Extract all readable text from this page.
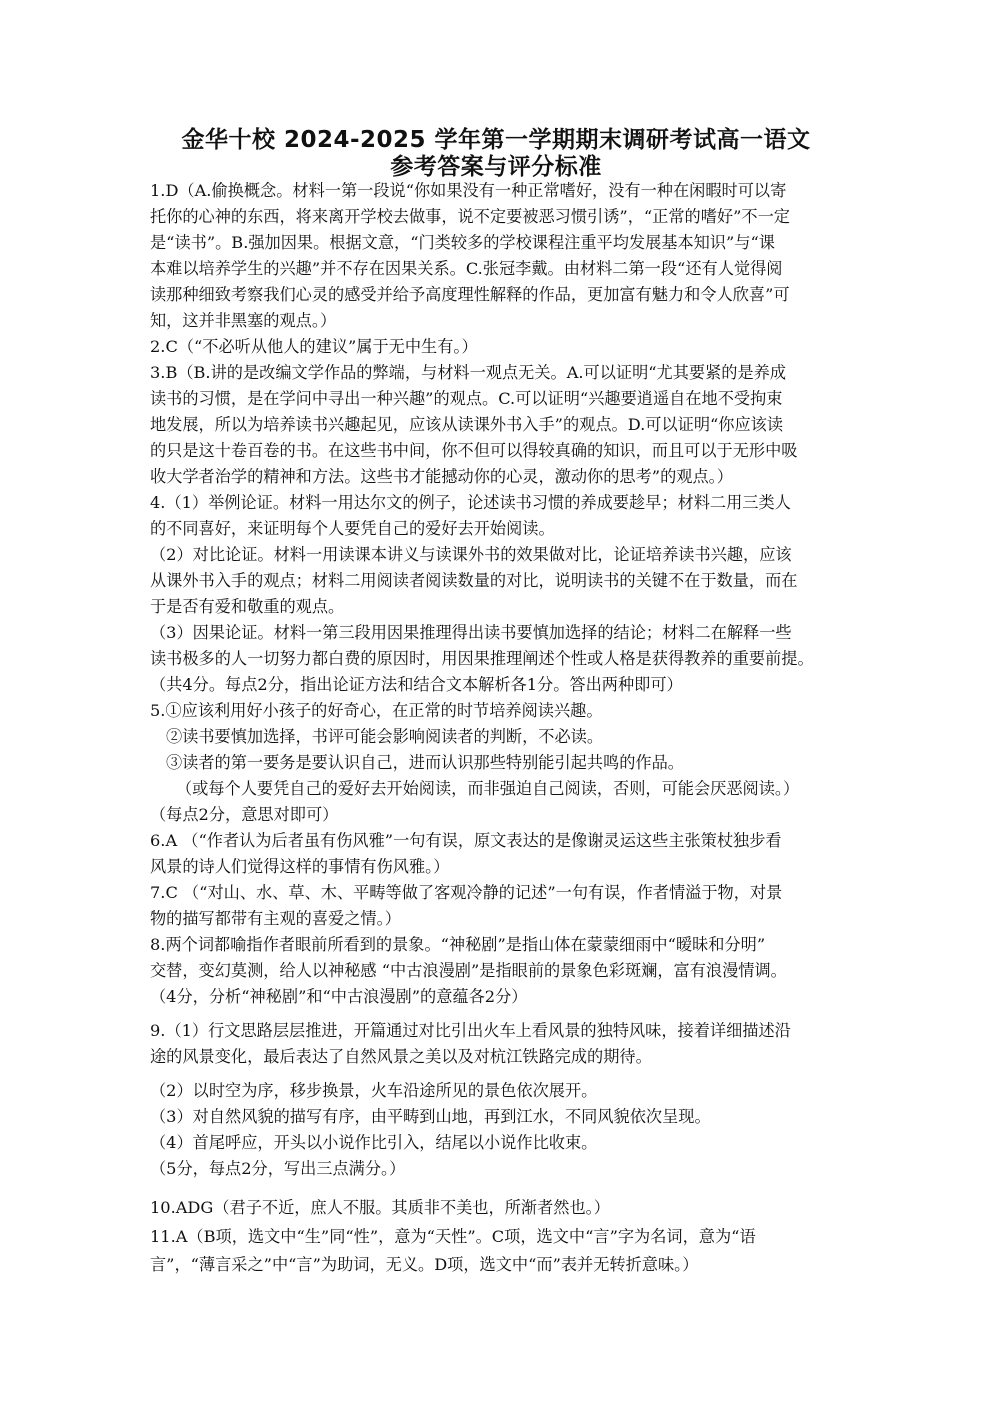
金华十校 2024-2025 学年第一学期期末调研考试高一语文
参考答案与评分标准

1.D（A.偷换概念。材料一第一段说“你如果没有一种正常嗜好，没有一种在闲暇时可以寄

托你的心神的东西，将来离开学校去做事，说不定要被恶习惯引诱”，“正常的嗜好”不一定

是“读书”。B.强加因果。根据文意，“门类较多的学校课程注重平均发展基本知识”与“课

本难以培养学生的兴趣”并不存在因果关系。C.张冠李戴。由材料二第一段“还有人觉得阅

读那种细致考察我们心灵的感受并给予高度理性解释的作品，更加富有魅力和令人欣喜”可

知，这并非黑塞的观点。）

2.C（“不必听从他人的建议”属于无中生有。）

3.B（B.讲的是改编文学作品的弊端，与材料一观点无关。A.可以证明“尤其要紧的是养成

读书的习惯，是在学问中寻出一种兴趣”的观点。C.可以证明“兴趣要逍遥自在地不受拘束

地发展，所以为培养读书兴趣起见，应该从读课外书入手”的观点。D.可以证明“你应该读

的只是这十卷百卷的书。在这些书中间，你不但可以得较真确的知识，而且可以于无形中吸

收大学者治学的精神和方法。这些书才能撼动你的心灵，激动你的思考”的观点。）

4.（1）举例论证。材料一用达尔文的例子，论述读书习惯的养成要趁早；材料二用三类人

的不同喜好，来证明每个人要凭自己的爱好去开始阅读。

（2）对比论证。材料一用读课本讲义与读课外书的效果做对比，论证培养读书兴趣，应该

从课外书入手的观点；材料二用阅读者阅读数量的对比，说明读书的关键不在于数量，而在

于是否有爱和敬重的观点。

（3）因果论证。材料一第三段用因果推理得出读书要慎加选择的结论；材料二在解释一些

读书极多的人一切努力都白费的原因时，用因果推理阐述个性或人格是获得教养的重要前提。

（共4分。每点2分，指出论证方法和结合文本解析各1分。答出两种即可）

5.①应该利用好小孩子的好奇心，在正常的时节培养阅读兴趣。

②读书要慎加选择，书评可能会影响阅读者的判断，不必读。

③读者的第一要务是要认识自己，进而认识那些特别能引起共鸣的作品。

（或每个人要凭自己的爱好去开始阅读，而非强迫自己阅读，否则，可能会厌恶阅读。）

（每点2分，意思对即可）

6.A （“作者认为后者虽有伤风雅”一句有误，原文表达的是像谢灵运这些主张策杖独步看

风景的诗人们觉得这样的事情有伤风雅。）

7.C （“对山、水、草、木、平畴等做了客观冷静的记述”一句有误，作者情溢于物，对景

物的描写都带有主观的喜爱之情。）

8.两个词都喻指作者眼前所看到的景象。“神秘剧”是指山体在蒙蒙细雨中“暧昧和分明”

交替，变幻莫测，给人以神秘感 “中古浪漫剧”是指眼前的景象色彩斑斓，富有浪漫情调。

（4分，分析“神秘剧”和“中古浪漫剧”的意蕴各2分）

9.（1）行文思路层层推进，开篇通过对比引出火车上看风景的独特风味，接着详细描述沿

途的风景变化，最后表达了自然风景之美以及对杭江铁路完成的期待。

（2）以时空为序，移步换景，火车沿途所见的景色依次展开。

（3）对自然风貌的描写有序，由平畴到山地，再到江水，不同风貌依次呈现。

（4）首尾呼应，开头以小说作比引入，结尾以小说作比收束。

（5分，每点2分，写出三点满分。）

10.ADG（君子不近，庶人不服。其质非不美也，所渐者然也。）

11.A（B项，选文中“生”同“性”，意为“天性”。C项，选文中“言”字为名词，意为“语

言”，“薄言采之”中“言”为助词，无义。D项，选文中“而”表并无转折意味。）
